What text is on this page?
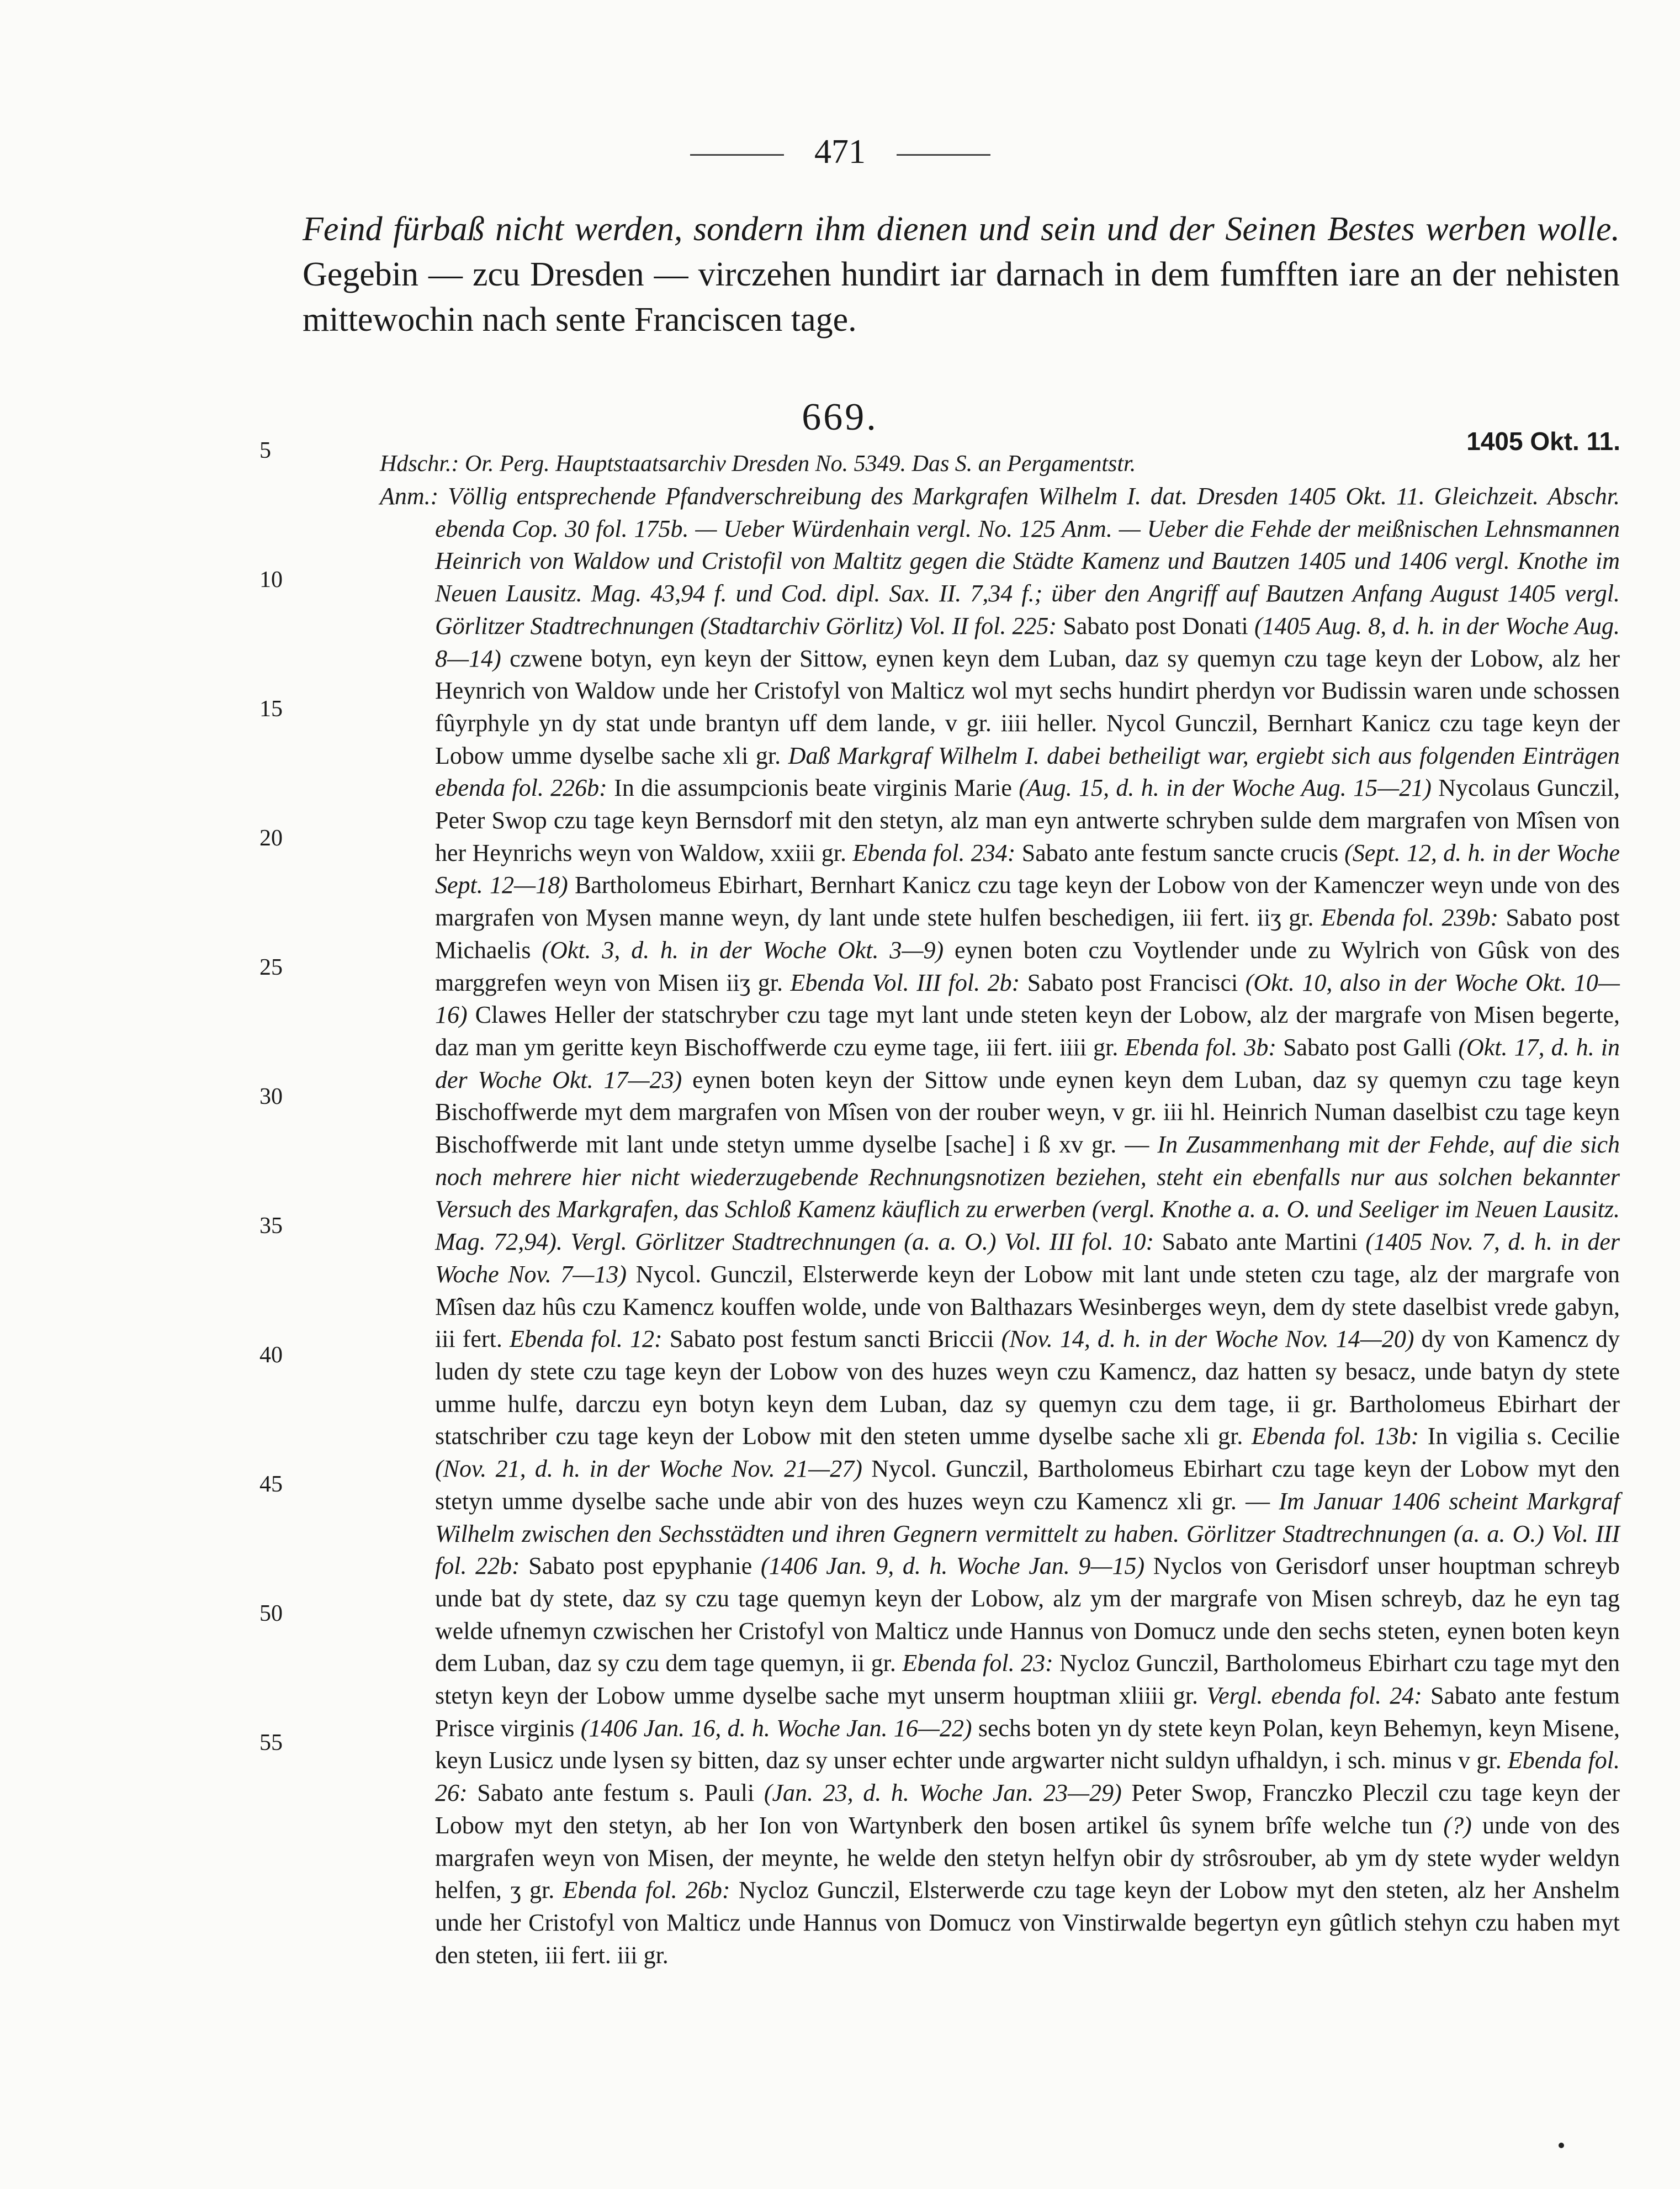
471
Feind fürbaß nicht werden, sondern ihm dienen und sein und der Seinen Bestes werben wolle. Gegebin — zcu Dresden — virczehen hundirt iar darnach in dem fumfften iare an der nehisten mittewochin nach sente Franciscen tage.
669.
1405 Okt. 11.
Hdschr.: Or. Perg. Hauptstaatsarchiv Dresden No. 5349. Das S. an Pergamentstr.
5
10
15
20
25
30
35
40
45
50
55

Anm.: Völlig entsprechende Pfandverschreibung des Markgrafen Wilhelm I. dat. Dresden 1405 Okt. 11. Gleichzeit. Abschr. ebenda Cop. 30 fol. 175b. — Ueber Würdenhain vergl. No. 125 Anm. — Ueber die Fehde der meißnischen Lehnsmannen Heinrich von Waldow und Cristofil von Maltitz gegen die Städte Kamenz und Bautzen 1405 und 1406 vergl. Knothe im Neuen Lausitz. Mag. 43,94 f. und Cod. dipl. Sax. II. 7,34 f.; über den Angriff auf Bautzen Anfang August 1405 vergl. Görlitzer Stadtrechnungen (Stadtarchiv Görlitz) Vol. II fol. 225: Sabato post Donati (1405 Aug. 8, d. h. in der Woche Aug. 8—14) czwene botyn, eyn keyn der Sittow, eynen keyn dem Luban, daz sy quemyn czu tage keyn der Lobow, alz her Heynrich von Waldow unde her Cristofyl von Malticz wol myt sechs hundirt pherdyn vor Budissin waren unde schossen fûyrphyle yn dy stat unde brantyn uff dem lande, v gr. iiii heller. Nycol Gunczil, Bernhart Kanicz czu tage keyn der Lobow umme dyselbe sache xli gr. Daß Markgraf Wilhelm I. dabei betheiligt war, ergiebt sich aus folgenden Einträgen ebenda fol. 226b: In die assumpcionis beate virginis Marie (Aug. 15, d. h. in der Woche Aug. 15—21) Nycolaus Gunczil, Peter Swop czu tage keyn Bernsdorf mit den stetyn, alz man eyn antwerte schryben sulde dem margrafen von Mîsen von her Heynrichs weyn von Waldow, xxiii gr. Ebenda fol. 234: Sabato ante festum sancte crucis (Sept. 12, d. h. in der Woche Sept. 12—18) Bartholomeus Ebirhart, Bernhart Kanicz czu tage keyn der Lobow von der Kamenczer weyn unde von des margrafen von Mysen manne weyn, dy lant unde stete hulfen beschedigen, iii fert. iiʒ gr. Ebenda fol. 239b: Sabato post Michaelis (Okt. 3, d. h. in der Woche Okt. 3—9) eynen boten czu Voytlender unde zu Wylrich von Gûsk von des marggrefen weyn von Misen iiʒ gr. Ebenda Vol. III fol. 2b: Sabato post Francisci (Okt. 10, also in der Woche Okt. 10—16) Clawes Heller der statschryber czu tage myt lant unde steten keyn der Lobow, alz der margrafe von Misen begerte, daz man ym geritte keyn Bischoffwerde czu eyme tage, iii fert. iiii gr. Ebenda fol. 3b: Sabato post Galli (Okt. 17, d. h. in der Woche Okt. 17—23) eynen boten keyn der Sittow unde eynen keyn dem Luban, daz sy quemyn czu tage keyn Bischoffwerde myt dem margrafen von Mîsen von der rouber weyn, v gr. iii hl. Heinrich Numan daselbist czu tage keyn Bischoffwerde mit lant unde stetyn umme dyselbe [sache] i ß xv gr. — In Zusammenhang mit der Fehde, auf die sich noch mehrere hier nicht wiederzugebende Rechnungsnotizen beziehen, steht ein ebenfalls nur aus solchen bekannter Versuch des Markgrafen, das Schloß Kamenz käuflich zu erwerben (vergl. Knothe a. a. O. und Seeliger im Neuen Lausitz. Mag. 72,94). Vergl. Görlitzer Stadtrechnungen (a. a. O.) Vol. III fol. 10: Sabato ante Martini (1405 Nov. 7, d. h. in der Woche Nov. 7—13) Nycol. Gunczil, Elsterwerde keyn der Lobow mit lant unde steten czu tage, alz der margrafe von Mîsen daz hûs czu Kamencz kouffen wolde, unde von Balthazars Wesinberges weyn, dem dy stete daselbist vrede gabyn, iii fert. Ebenda fol. 12: Sabato post festum sancti Briccii (Nov. 14, d. h. in der Woche Nov. 14—20) dy von Kamencz dy luden dy stete czu tage keyn der Lobow von des huzes weyn czu Kamencz, daz hatten sy besacz, unde batyn dy stete umme hulfe, darczu eyn botyn keyn dem Luban, daz sy quemyn czu dem tage, ii gr. Bartholomeus Ebirhart der statschriber czu tage keyn der Lobow mit den steten umme dyselbe sache xli gr. Ebenda fol. 13b: In vigilia s. Cecilie (Nov. 21, d. h. in der Woche Nov. 21—27) Nycol. Gunczil, Bartholomeus Ebirhart czu tage keyn der Lobow myt den stetyn umme dyselbe sache unde abir von des huzes weyn czu Kamencz xli gr. — Im Januar 1406 scheint Markgraf Wilhelm zwischen den Sechsstädten und ihren Gegnern vermittelt zu haben. Görlitzer Stadtrechnungen (a. a. O.) Vol. III fol. 22b: Sabato post epyphanie (1406 Jan. 9, d. h. Woche Jan. 9—15) Nyclos von Gerisdorf unser houptman schreyb unde bat dy stete, daz sy czu tage quemyn keyn der Lobow, alz ym der margrafe von Misen schreyb, daz he eyn tag welde ufnemyn czwischen her Cristofyl von Malticz unde Hannus von Domucz unde den sechs steten, eynen boten keyn dem Luban, daz sy czu dem tage quemyn, ii gr. Ebenda fol. 23: Nycloz Gunczil, Bartholomeus Ebirhart czu tage myt den stetyn keyn der Lobow umme dyselbe sache myt unserm houptman xliiii gr. Vergl. ebenda fol. 24: Sabato ante festum Prisce virginis (1406 Jan. 16, d. h. Woche Jan. 16—22) sechs boten yn dy stete keyn Polan, keyn Behemyn, keyn Misene, keyn Lusicz unde lysen sy bitten, daz sy unser echter unde argwarter nicht suldyn ufhaldyn, i sch. minus v gr. Ebenda fol. 26: Sabato ante festum s. Pauli (Jan. 23, d. h. Woche Jan. 23—29) Peter Swop, Franczko Pleczil czu tage keyn der Lobow myt den stetyn, ab her Ion von Wartynberk den bosen artikel ûs synem brîfe welche tun (?) unde von des margrafen weyn von Misen, der meynte, he welde den stetyn helfyn obir dy strôsrouber, ab ym dy stete wyder weldyn helfen, ʒ gr. Ebenda fol. 26b: Nycloz Gunczil, Elsterwerde czu tage keyn der Lobow myt den steten, alz her Anshelm unde her Cristofyl von Malticz unde Hannus von Domucz von Vinstirwalde begertyn eyn gûtlich stehyn czu haben myt den steten, iii fert. iii gr.
